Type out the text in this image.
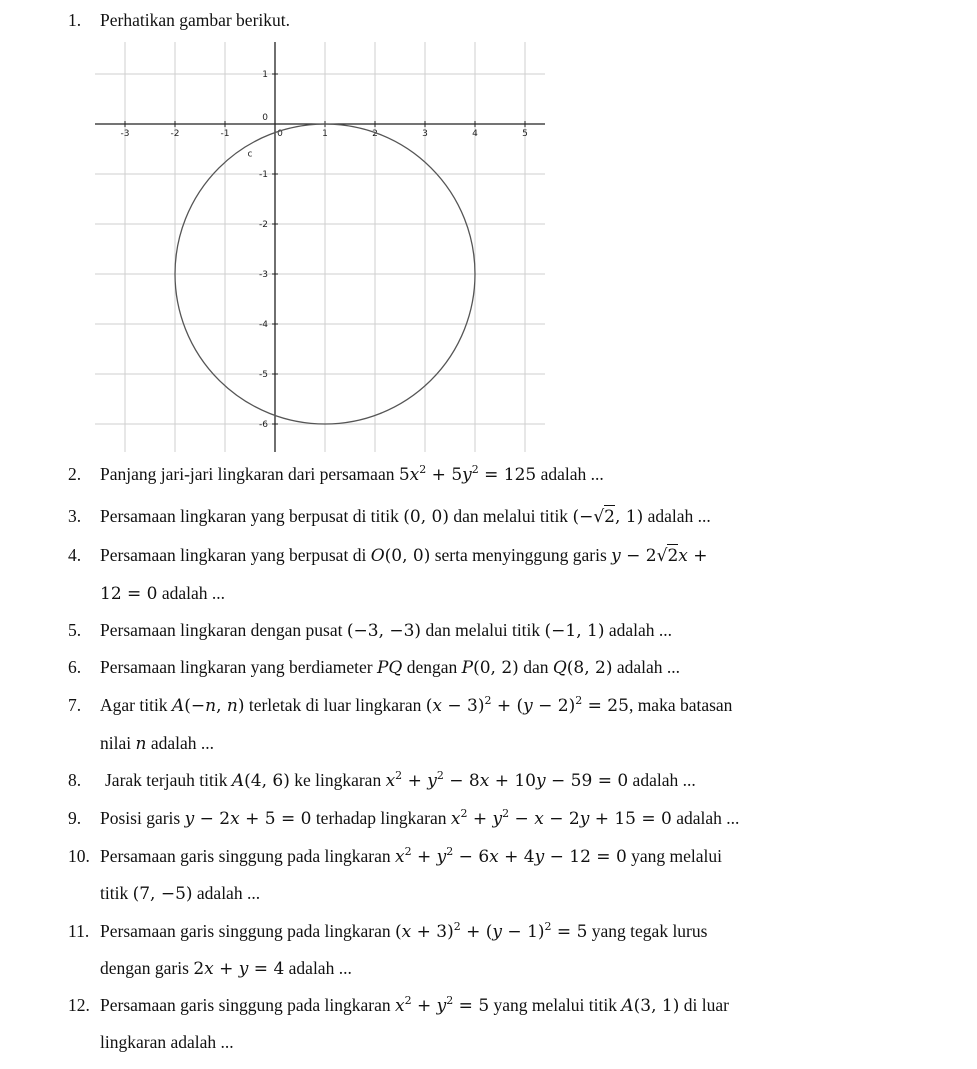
1. Perhatikan gambar berikut.
-3	-2	-1	0	1	2	3	4	5
1
0
-1
-2
-3
-4
-5
-6
c
2. Panjang jari-jari lingkaran dari persamaan $5x^2 + 5y^2 = 125$ adalah ...
3. Persamaan lingkaran yang berpusat di titik (0, 0) dan melalui titik (−√2, 1) adalah ...
4. Persamaan lingkaran yang berpusat di O(0, 0) serta menyinggung garis y − 2√2x +
12 = 0 adalah ...
5. Persamaan lingkaran dengan pusat (−3, −3) dan melalui titik (−1, 1) adalah ...
6. Persamaan lingkaran yang berdiameter PQ dengan P(0, 2) dan Q(8, 2) adalah ...
7. Agar titik A(−n, n) terletak di luar lingkaran $(x - 3)^2 + (y - 2)^2 = 25$, maka batasan
nilai n adalah ...
8. Jarak terjauh titik A(4, 6) ke lingkaran $x^2 + y^2 - 8x + 10y - 59 = 0$ adalah ...
9. Posisi garis y − 2x + 5 = 0 terhadap lingkaran $x^2 + y^2 - x - 2y + 15 = 0$ adalah ...
10. Persamaan garis singgung pada lingkaran $x^2 + y^2 - 6x + 4y - 12 = 0$ yang melalui
titik (7, −5) adalah ...
11. Persamaan garis singgung pada lingkaran $(x + 3)^2 + (y - 1)^2 = 5$ yang tegak lurus
dengan garis 2x + y = 4 adalah ...
12. Persamaan garis singgung pada lingkaran $x^2 + y^2 = 5$ yang melalui titik A(3, 1) di luar
lingkaran adalah ...
